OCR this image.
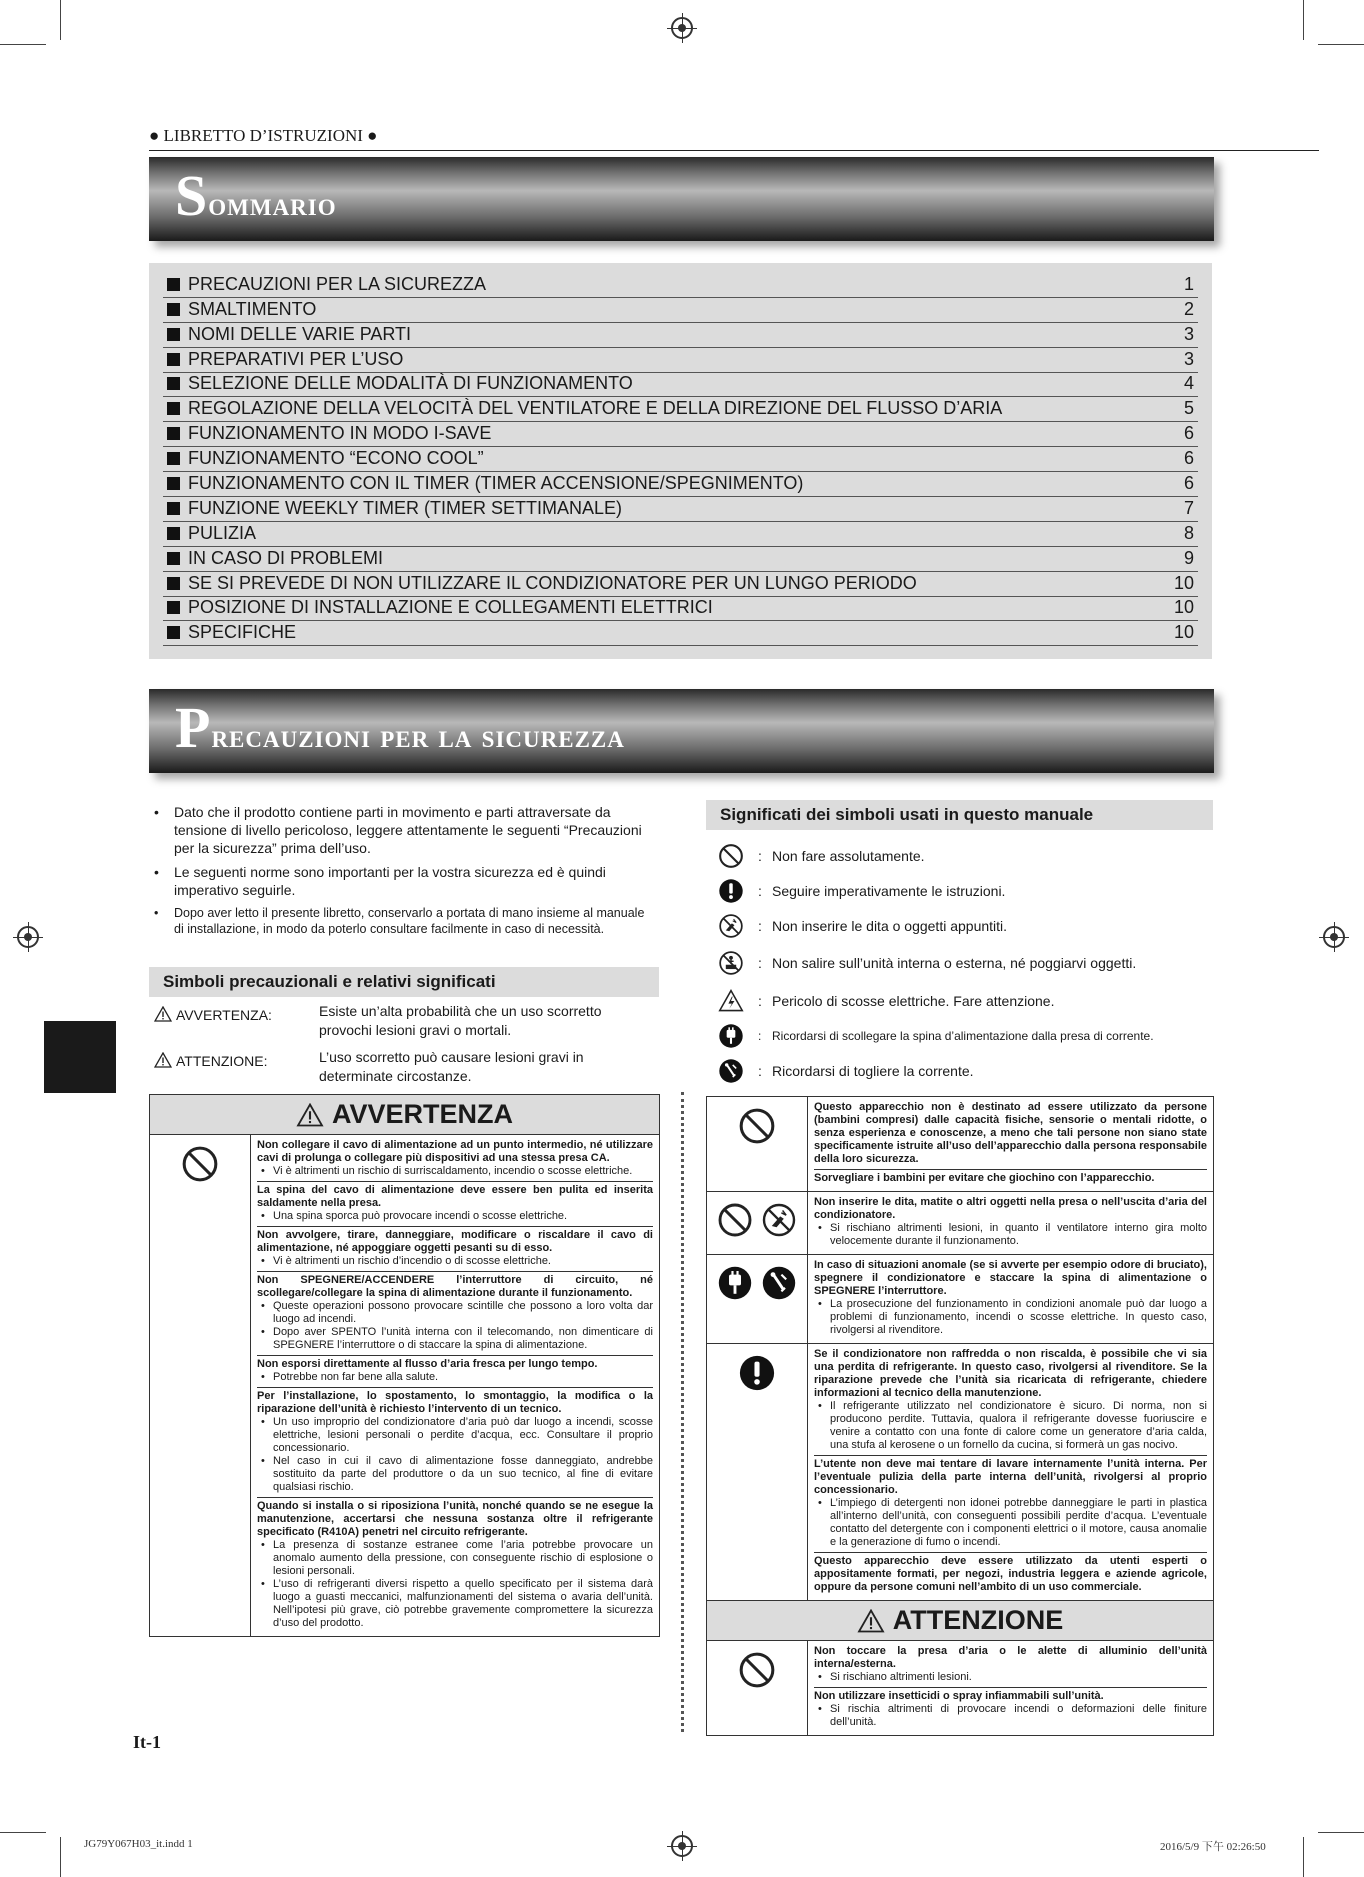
● LIBRETTO D’ISTRUZIONI ●
Sommario
PRECAUZIONI PER LA SICUREZZA	1
SMALTIMENTO	2
NOMI DELLE VARIE PARTI	3
PREPARATIVI PER L’USO	3
SELEZIONE DELLE MODALITÀ DI FUNZIONAMENTO	4
REGOLAZIONE DELLA VELOCITÀ DEL VENTILATORE E DELLA DIREZIONE DEL FLUSSO D’ARIA	5
FUNZIONAMENTO IN MODO I-SAVE	6
FUNZIONAMENTO “ECONO COOL”	6
FUNZIONAMENTO CON IL TIMER (TIMER ACCENSIONE/SPEGNIMENTO)	6
FUNZIONE WEEKLY TIMER (TIMER SETTIMANALE)	7
PULIZIA	8
IN CASO DI PROBLEMI	9
SE SI PREVEDE DI NON UTILIZZARE IL CONDIZIONATORE PER UN LUNGO PERIODO	10
POSIZIONE DI INSTALLAZIONE E COLLEGAMENTI ELETTRICI	10
SPECIFICHE	10
Precauzioni per la sicurezza
• Dato che il prodotto contiene parti in movimento e parti attraversate da tensione di livello pericoloso, leggere attentamente le seguenti “Precauzioni per la sicurezza” prima dell’uso.
• Le seguenti norme sono importanti per la vostra sicurezza ed è quindi imperativo seguirle.
• Dopo aver letto il presente libretto, conservarlo a portata di mano insieme al manuale di installazione, in modo da poterlo consultare facilmente in caso di necessità.
Simboli precauzionali e relativi significati
AVVERTENZA:	Esiste un’alta probabilità che un uso scorretto provochi lesioni gravi o mortali.
ATTENZIONE:	L’uso scorretto può causare lesioni gravi in determinate circostanze.
Significati dei simboli usati in questo manuale
: Non fare assolutamente.
: Seguire imperativamente le istruzioni.
: Non inserire le dita o oggetti appuntiti.
: Non salire sull’unità interna o esterna, né poggiarvi oggetti.
: Pericolo di scosse elettriche. Fare attenzione.
: Ricordarsi di scollegare la spina d’alimentazione dalla presa di corrente.
: Ricordarsi di togliere la corrente.
AVVERTENZA

Non collegare il cavo di alimentazione ad un punto intermedio, né utilizzare cavi di prolunga o collegare più dispositivi ad una stessa presa CA.
• Vi è altrimenti un rischio di surriscaldamento, incendio o scosse elettriche.
La spina del cavo di alimentazione deve essere ben pulita ed inserita saldamente nella presa.
• Una spina sporca può provocare incendi o scosse elettriche.
Non avvolgere, tirare, danneggiare, modificare o riscaldare il cavo di alimentazione, né appoggiare oggetti pesanti su di esso.
• Vi è altrimenti un rischio d’incendio o di scosse elettriche.
Non SPEGNERE/ACCENDERE l’interruttore di circuito, né scollegare/collegare la spina di alimentazione durante il funzionamento.
• Queste operazioni possono provocare scintille che possono a loro volta dar luogo ad incendi.
• Dopo aver SPENTO l’unità interna con il telecomando, non dimenticare di SPEGNERE l’interruttore o di staccare la spina di alimentazione.
Non esporsi direttamente al flusso d’aria fresca per lungo tempo.
• Potrebbe non far bene alla salute.
Per l’installazione, lo spostamento, lo smontaggio, la modifica o la riparazione dell’unità è richiesto l’intervento di un tecnico.
• Un uso improprio del condizionatore d’aria può dar luogo a incendi, scosse elettriche, lesioni personali o perdite d’acqua, ecc. Consultare il proprio concessionario.
• Nel caso in cui il cavo di alimentazione fosse danneggiato, andrebbe sostituito da parte del produttore o da un suo tecnico, al fine di evitare qualsiasi rischio.
Quando si installa o si riposiziona l’unità, nonché quando se ne esegue la manutenzione, accertarsi che nessuna sostanza oltre il refrigerante specificato (R410A) penetri nel circuito refrigerante.
• La presenza di sostanze estranee come l’aria potrebbe provocare un anomalo aumento della pressione, con conseguente rischio di esplosione o lesioni personali.
• L’uso di refrigeranti diversi rispetto a quello specificato per il sistema darà luogo a guasti meccanici, malfunzionamenti del sistema o avaria dell’unità. Nell’ipotesi più grave, ciò potrebbe gravemente compromettere la sicurezza d’uso del prodotto.

Questo apparecchio non è destinato ad essere utilizzato da persone (bambini compresi) dalle capacità fisiche, sensorie o mentali ridotte, o senza esperienza e conoscenze, a meno che tali persone non siano state specificamente istruite all’uso dell’apparecchio dalla persona responsabile della loro sicurezza.
Sorvegliare i bambini per evitare che giochino con l’apparecchio.

Non inserire le dita, matite o altri oggetti nella presa o nell’uscita d’aria del condizionatore.
• Si rischiano altrimenti lesioni, in quanto il ventilatore interno gira molto velocemente durante il funzionamento.

In caso di situazioni anomale (se si avverte per esempio odore di bruciato), spegnere il condizionatore e staccare la spina di alimentazione o SPEGNERE l’interruttore.
• La prosecuzione del funzionamento in condizioni anomale può dar luogo a problemi di funzionamento, incendi o scosse elettriche. In questo caso, rivolgersi al rivenditore.

Se il condizionatore non raffredda o non riscalda, è possibile che vi sia una perdita di refrigerante. In questo caso, rivolgersi al rivenditore. Se la riparazione prevede che l’unità sia ricaricata di refrigerante, chiedere informazioni al tecnico della manutenzione.
• Il refrigerante utilizzato nel condizionatore è sicuro. Di norma, non si producono perdite. Tuttavia, qualora il refrigerante dovesse fuoriuscire e venire a contatto con una fonte di calore come un generatore d’aria calda, una stufa al kerosene o un fornello da cucina, si formerà un gas nocivo.
L’utente non deve mai tentare di lavare internamente l’unità interna. Per l’eventuale pulizia della parte interna dell’unità, rivolgersi al proprio concessionario.
• L’impiego di detergenti non idonei potrebbe danneggiare le parti in plastica all’interno dell’unità, con conseguenti possibili perdite d’acqua. L’eventuale contatto del detergente con i componenti elettrici o il motore, causa anomalie e la generazione di fumo o incendi.
Questo apparecchio deve essere utilizzato da utenti esperti o appositamente formati, per negozi, industria leggera e aziende agricole, oppure da persone comuni nell’ambito di un uso commerciale.

ATTENZIONE	

Non toccare la presa d’aria o le alette di alluminio dell’unità interna/esterna.
• Si rischiano altrimenti lesioni.
Non utilizzare insetticidi o spray infiammabili sull’unità.
• Si rischia altrimenti di provocare incendi o deformazioni delle finiture dell’unità.
It-1
JG79Y067H03_it.indd 1	2016/5/9 下午 02:26:50
